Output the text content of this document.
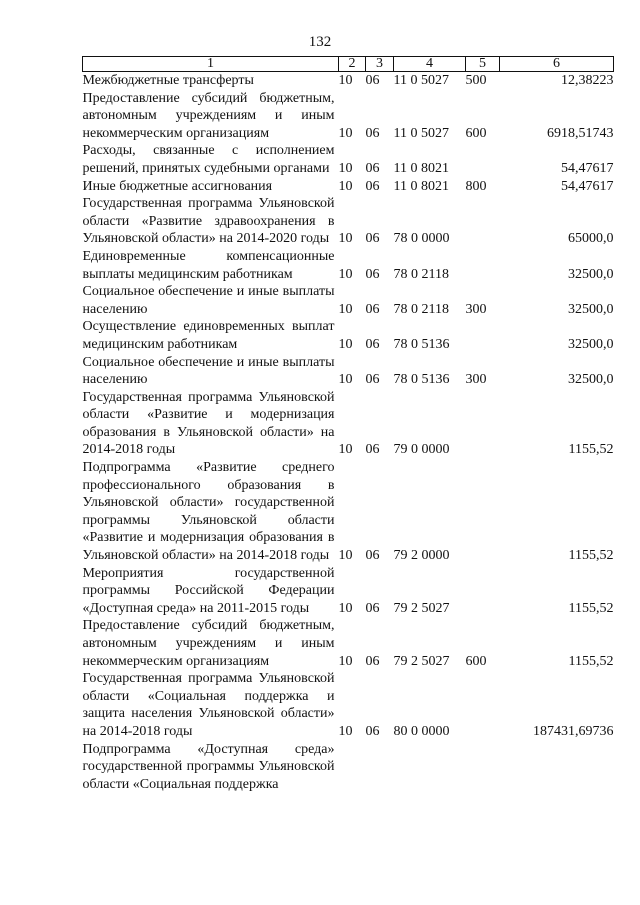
132
1	2	3	4	5	6
Межбюджетные трансферты	10	06	11 0 5027	500	12,38223
Предоставление субсидий бюджетным, автономным учреждениям и иным некоммерческим организациям	10	06	11 0 5027	600	6918,51743
Расходы, связанные с исполнением решений, принятых судебными органами	10	06	11 0 8021		54,47617
Иные бюджетные ассигнования	10	06	11 0 8021	800	54,47617
Государственная программа Ульяновской области «Развитие здравоохранения в Ульяновской области» на 2014-2020 годы	10	06	78 0 0000		65000,0
Единовременные компенсационные выплаты медицинским работникам	10	06	78 0 2118		32500,0
Социальное обеспечение и иные выплаты населению	10	06	78 0 2118	300	32500,0
Осуществление единовременных выплат медицинским работникам	10	06	78 0 5136		32500,0
Социальное обеспечение и иные выплаты населению	10	06	78 0 5136	300	32500,0
Государственная программа Ульяновской области «Развитие и модернизация образования в Ульяновской области» на 2014-2018 годы	10	06	79 0 0000		1155,52
Подпрограмма «Развитие среднего профессионального образования в Ульяновской области» государственной программы Ульяновской области «Развитие и модернизация образования в Ульяновской области» на 2014-2018 годы	10	06	79 2 0000		1155,52
Мероприятия государственной программы Российской Федерации «Доступная среда» на 2011-2015 годы	10	06	79 2 5027		1155,52
Предоставление субсидий бюджетным, автономным учреждениям и иным некоммерческим организациям	10	06	79 2 5027	600	1155,52
Государственная программа Ульяновской области «Социальная поддержка и защита населения Ульяновской области» на 2014-2018 годы	10	06	80 0 0000		187431,69736
Подпрограмма «Доступная среда» государственной программы Ульяновской области «Социальная поддержка					
